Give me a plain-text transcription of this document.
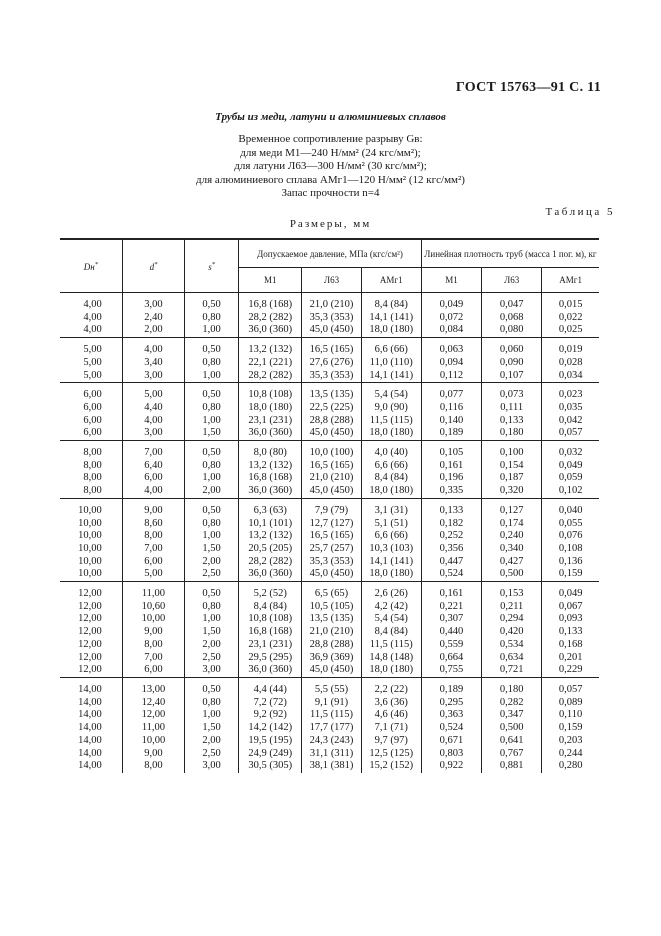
ГОСТ 15763—91 С. 11
Трубы из меди, латуни и алюминиевых сплавов
Временное сопротивление разрыву Gв:
для меди М1—240 Н/мм² (24 кгс/мм²);
для латуни Л63—300 Н/мм² (30 кгс/мм²);
для алюминиевого сплава АМг1—120 Н/мм² (12 кгс/мм²)
Запас прочности n=4
Таблица 5
Размеры, мм
Dн*	d*	s*	Допускаемое давление, МПа (кгс/см²)			Линейная плотность труб (масса 1 пог. м), кг		
			М1	Л63	АМг1	М1	Л63	АМг1

4,00	3,00	0,50	16,8 (168)	21,0 (210)	8,4 (84)	0,049	0,047	0,015
4,00	2,40	0,80	28,2 (282)	35,3 (353)	14,1 (141)	0,072	0,068	0,022
4,00	2,00	1,00	36,0 (360)	45,0 (450)	18,0 (180)	0,084	0,080	0,025

5,00	4,00	0,50	13,2 (132)	16,5 (165)	6,6 (66)	0,063	0,060	0,019
5,00	3,40	0,80	22,1 (221)	27,6 (276)	11,0 (110)	0,094	0,090	0,028
5,00	3,00	1,00	28,2 (282)	35,3 (353)	14,1 (141)	0,112	0,107	0,034

6,00	5,00	0,50	10,8 (108)	13,5 (135)	5,4 (54)	0,077	0,073	0,023
6,00	4,40	0,80	18,0 (180)	22,5 (225)	9,0 (90)	0,116	0,111	0,035
6,00	4,00	1,00	23,1 (231)	28,8 (288)	11,5 (115)	0,140	0,133	0,042
6,00	3,00	1,50	36,0 (360)	45,0 (450)	18,0 (180)	0,189	0,180	0,057

8,00	7,00	0,50	8,0 (80)	10,0 (100)	4,0 (40)	0,105	0,100	0,032
8,00	6,40	0,80	13,2 (132)	16,5 (165)	6,6 (66)	0,161	0,154	0,049
8,00	6,00	1,00	16,8 (168)	21,0 (210)	8,4 (84)	0,196	0,187	0,059
8,00	4,00	2,00	36,0 (360)	45,0 (450)	18,0 (180)	0,335	0,320	0,102

10,00	9,00	0,50	6,3 (63)	7,9 (79)	3,1 (31)	0,133	0,127	0,040
10,00	8,60	0,80	10,1 (101)	12,7 (127)	5,1 (51)	0,182	0,174	0,055
10,00	8,00	1,00	13,2 (132)	16,5 (165)	6,6 (66)	0,252	0,240	0,076
10,00	7,00	1,50	20,5 (205)	25,7 (257)	10,3 (103)	0,356	0,340	0,108
10,00	6,00	2,00	28,2 (282)	35,3 (353)	14,1 (141)	0,447	0,427	0,136
10,00	5,00	2,50	36,0 (360)	45,0 (450)	18,0 (180)	0,524	0,500	0,159

12,00	11,00	0,50	5,2 (52)	6,5 (65)	2,6 (26)	0,161	0,153	0,049
12,00	10,60	0,80	8,4 (84)	10,5 (105)	4,2 (42)	0,221	0,211	0,067
12,00	10,00	1,00	10,8 (108)	13,5 (135)	5,4 (54)	0,307	0,294	0,093
12,00	9,00	1,50	16,8 (168)	21,0 (210)	8,4 (84)	0,440	0,420	0,133
12,00	8,00	2,00	23,1 (231)	28,8 (288)	11,5 (115)	0,559	0,534	0,168
12,00	7,00	2,50	29,5 (295)	36,9 (369)	14,8 (148)	0,664	0,634	0,201
12,00	6,00	3,00	36,0 (360)	45,0 (450)	18,0 (180)	0,755	0,721	0,229

14,00	13,00	0,50	4,4 (44)	5,5 (55)	2,2 (22)	0,189	0,180	0,057
14,00	12,40	0,80	7,2 (72)	9,1 (91)	3,6 (36)	0,295	0,282	0,089
14,00	12,00	1,00	9,2 (92)	11,5 (115)	4,6 (46)	0,363	0,347	0,110
14,00	11,00	1,50	14,2 (142)	17,7 (177)	7,1 (71)	0,524	0,500	0,159
14,00	10,00	2,00	19,5 (195)	24,3 (243)	9,7 (97)	0,671	0,641	0,203
14,00	9,00	2,50	24,9 (249)	31,1 (311)	12,5 (125)	0,803	0,767	0,244
14,00	8,00	3,00	30,5 (305)	38,1 (381)	15,2 (152)	0,922	0,881	0,280
